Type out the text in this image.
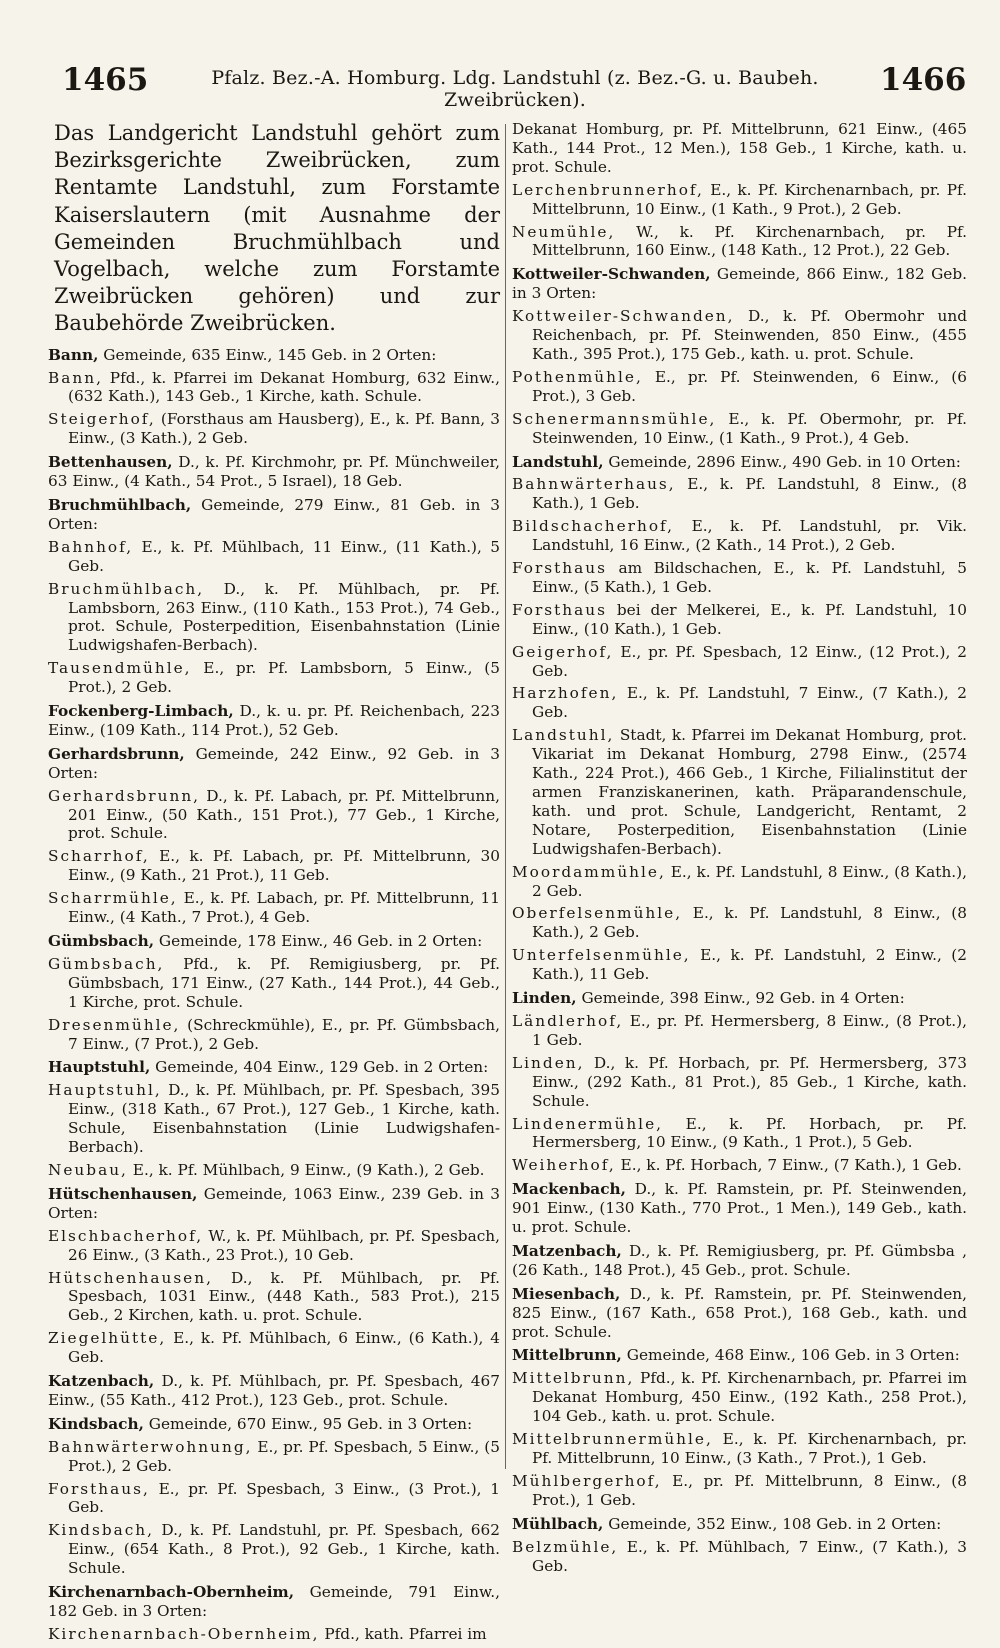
1465	Pfalz. Bez.-A. Homburg. Ldg. Landstuhl (z. Bez.-G. u. Baubeh. Zweibrücken).
1466

Das Landgericht Landstuhl gehört zum Bezirksgerichte Zweibrücken, zum Rentamte Landstuhl, zum Forstamte Kaiserslautern (mit Ausnahme der Gemeinden Bruchmühlbach und Vogelbach, welche zum Forstamte Zweibrücken gehören) und zur Baubehörde Zweibrücken.

Bann, Gemeinde, 635 Einw., 145 Geb. in 2 Orten:
Bann, Pfd., k. Pfarrei im Dekanat Homburg, 632 Einw., (632 Kath.), 143 Geb., 1 Kirche, kath. Schule.
Steigerhof, (Forsthaus am Hausberg), E., k. Pf. Bann, 3 Einw., (3 Kath.), 2 Geb.
Bettenhausen, D., k. Pf. Kirchmohr, pr. Pf. Münchweiler, 63 Einw., (4 Kath., 54 Prot., 5 Israel), 18 Geb.
Bruchmühlbach, Gemeinde, 279 Einw., 81 Geb. in 3 Orten:
Bahnhof, E., k. Pf. Mühlbach, 11 Einw., (11 Kath.), 5 Geb.
Bruchmühlbach, D., k. Pf. Mühlbach, pr. Pf. Lambsborn, 263 Einw., (110 Kath., 153 Prot.), 74 Geb., prot. Schule, Posterpedition, Eisenbahnstation (Linie Ludwigshafen-Berbach).
Tausendmühle, E., pr. Pf. Lambsborn, 5 Einw., (5 Prot.), 2 Geb.
Fockenberg-Limbach, D., k. u. pr. Pf. Reichenbach, 223 Einw., (109 Kath., 114 Prot.), 52 Geb.
Gerhardsbrunn, Gemeinde, 242 Einw., 92 Geb. in 3 Orten:
Gerhardsbrunn, D., k. Pf. Labach, pr. Pf. Mittelbrunn, 201 Einw., (50 Kath., 151 Prot.), 77 Geb., 1 Kirche, prot. Schule.
Scharrhof, E., k. Pf. Labach, pr. Pf. Mittelbrunn, 30 Einw., (9 Kath., 21 Prot.), 11 Geb.
Scharrmühle, E., k. Pf. Labach, pr. Pf. Mittelbrunn, 11 Einw., (4 Kath., 7 Prot.), 4 Geb.
Gümbsbach, Gemeinde, 178 Einw., 46 Geb. in 2 Orten:
Gümbsbach, Pfd., k. Pf. Remigiusberg, pr. Pf. Gümbsbach, 171 Einw., (27 Kath., 144 Prot.), 44 Geb., 1 Kirche, prot. Schule.
Dresenmühle, (Schreckmühle), E., pr. Pf. Gümbsbach, 7 Einw., (7 Prot.), 2 Geb.
Hauptstuhl, Gemeinde, 404 Einw., 129 Geb. in 2 Orten:
Hauptstuhl, D., k. Pf. Mühlbach, pr. Pf. Spesbach, 395 Einw., (318 Kath., 67 Prot.), 127 Geb., 1 Kirche, kath. Schule, Eisenbahnstation (Linie Ludwigshafen-Berbach).
Neubau, E., k. Pf. Mühlbach, 9 Einw., (9 Kath.), 2 Geb.
Hütschenhausen, Gemeinde, 1063 Einw., 239 Geb. in 3 Orten:
Elschbacherhof, W., k. Pf. Mühlbach, pr. Pf. Spesbach, 26 Einw., (3 Kath., 23 Prot.), 10 Geb.
Hütschenhausen, D., k. Pf. Mühlbach, pr. Pf. Spesbach, 1031 Einw., (448 Kath., 583 Prot.), 215 Geb., 2 Kirchen, kath. u. prot. Schule.
Ziegelhütte, E., k. Pf. Mühlbach, 6 Einw., (6 Kath.), 4 Geb.
Katzenbach, D., k. Pf. Mühlbach, pr. Pf. Spesbach, 467 Einw., (55 Kath., 412 Prot.), 123 Geb., prot. Schule.
Kindsbach, Gemeinde, 670 Einw., 95 Geb. in 3 Orten:
Bahnwärterwohnung, E., pr. Pf. Spesbach, 5 Einw., (5 Prot.), 2 Geb.
Forsthaus, E., pr. Pf. Spesbach, 3 Einw., (3 Prot.), 1 Geb.
Kindsbach, D., k. Pf. Landstuhl, pr. Pf. Spesbach, 662 Einw., (654 Kath., 8 Prot.), 92 Geb., 1 Kirche, kath. Schule.
Kirchenarnbach-Obernheim, Gemeinde, 791 Einw., 182 Geb. in 3 Orten:
Kirchenarnbach-Obernheim, Pfd., kath. Pfarrei im
Dekanat Homburg, pr. Pf. Mittelbrunn, 621 Einw., (465 Kath., 144 Prot., 12 Men.), 158 Geb., 1 Kirche, kath. u. prot. Schule.
Lerchenbrunnerhof, E., k. Pf. Kirchenarnbach, pr. Pf. Mittelbrunn, 10 Einw., (1 Kath., 9 Prot.), 2 Geb.
Neumühle, W., k. Pf. Kirchenarnbach, pr. Pf. Mittelbrunn, 160 Einw., (148 Kath., 12 Prot.), 22 Geb.
Kottweiler-Schwanden, Gemeinde, 866 Einw., 182 Geb. in 3 Orten:
Kottweiler-Schwanden, D., k. Pf. Obermohr und Reichenbach, pr. Pf. Steinwenden, 850 Einw., (455 Kath., 395 Prot.), 175 Geb., kath. u. prot. Schule.
Pothenmühle, E., pr. Pf. Steinwenden, 6 Einw., (6 Prot.), 3 Geb.
Schenermannsmühle, E., k. Pf. Obermohr, pr. Pf. Steinwenden, 10 Einw., (1 Kath., 9 Prot.), 4 Geb.
Landstuhl, Gemeinde, 2896 Einw., 490 Geb. in 10 Orten:
Bahnwärterhaus, E., k. Pf. Landstuhl, 8 Einw., (8 Kath.), 1 Geb.
Bildschacherhof, E., k. Pf. Landstuhl, pr. Vik. Landstuhl, 16 Einw., (2 Kath., 14 Prot.), 2 Geb.
Forsthaus am Bildschachen, E., k. Pf. Landstuhl, 5 Einw., (5 Kath.), 1 Geb.
Forsthaus bei der Melkerei, E., k. Pf. Landstuhl, 10 Einw., (10 Kath.), 1 Geb.
Geigerhof, E., pr. Pf. Spesbach, 12 Einw., (12 Prot.), 2 Geb.
Harzhofen, E., k. Pf. Landstuhl, 7 Einw., (7 Kath.), 2 Geb.
Landstuhl, Stadt, k. Pfarrei im Dekanat Homburg, prot. Vikariat im Dekanat Homburg, 2798 Einw., (2574 Kath., 224 Prot.), 466 Geb., 1 Kirche, Filialinstitut der armen Franziskanerinen, kath. Präparandenschule, kath. und prot. Schule, Landgericht, Rentamt, 2 Notare, Posterpedition, Eisenbahnstation (Linie Ludwigshafen-Berbach).
Moordammühle, E., k. Pf. Landstuhl, 8 Einw., (8 Kath.), 2 Geb.
Oberfelsenmühle, E., k. Pf. Landstuhl, 8 Einw., (8 Kath.), 2 Geb.
Unterfelsenmühle, E., k. Pf. Landstuhl, 2 Einw., (2 Kath.), 11 Geb.
Linden, Gemeinde, 398 Einw., 92 Geb. in 4 Orten:
Ländlerhof, E., pr. Pf. Hermersberg, 8 Einw., (8 Prot.), 1 Geb.
Linden, D., k. Pf. Horbach, pr. Pf. Hermersberg, 373 Einw., (292 Kath., 81 Prot.), 85 Geb., 1 Kirche, kath. Schule.
Lindenermühle, E., k. Pf. Horbach, pr. Pf. Hermersberg, 10 Einw., (9 Kath., 1 Prot.), 5 Geb.
Weiherhof, E., k. Pf. Horbach, 7 Einw., (7 Kath.), 1 Geb.
Mackenbach, D., k. Pf. Ramstein, pr. Pf. Steinwenden, 901 Einw., (130 Kath., 770 Prot., 1 Men.), 149 Geb., kath. u. prot. Schule.
Matzenbach, D., k. Pf. Remigiusberg, pr. Pf. Gümbsba , (26 Kath., 148 Prot.), 45 Geb., prot. Schule.
Miesenbach, D., k. Pf. Ramstein, pr. Pf. Steinwenden, 825 Einw., (167 Kath., 658 Prot.), 168 Geb., kath. und prot. Schule.
Mittelbrunn, Gemeinde, 468 Einw., 106 Geb. in 3 Orten:
Mittelbrunn, Pfd., k. Pf. Kirchenarnbach, pr. Pfarrei im Dekanat Homburg, 450 Einw., (192 Kath., 258 Prot.), 104 Geb., kath. u. prot. Schule.
Mittelbrunnermühle, E., k. Pf. Kirchenarnbach, pr. Pf. Mittelbrunn, 10 Einw., (3 Kath., 7 Prot.), 1 Geb.
Mühlbergerhof, E., pr. Pf. Mittelbrunn, 8 Einw., (8 Prot.), 1 Geb.
Mühlbach, Gemeinde, 352 Einw., 108 Geb. in 2 Orten:
Belzmühle, E., k. Pf. Mühlbach, 7 Einw., (7 Kath.), 3 Geb.
